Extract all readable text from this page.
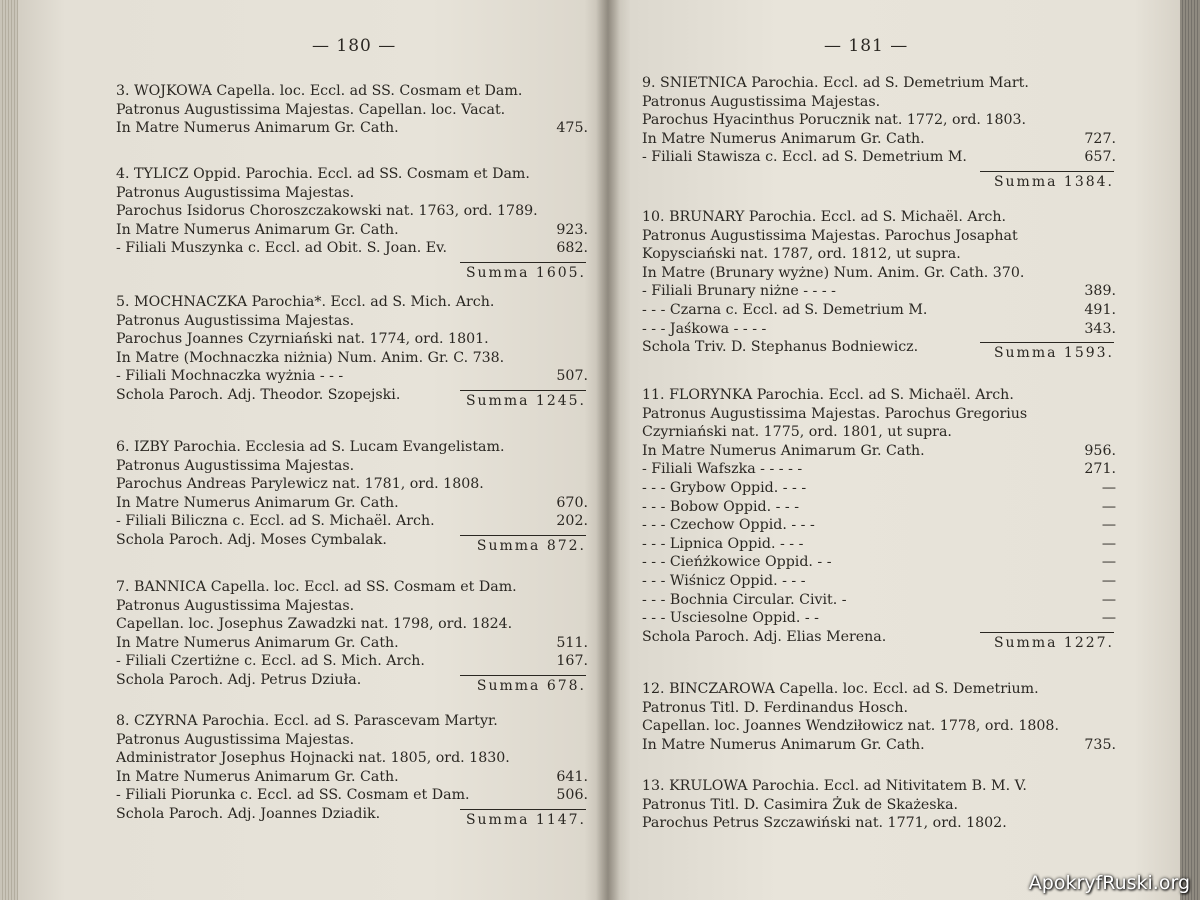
— 180 —	— 181 —
3. WOJKOWA Capella. loc. Eccl. ad SS. Cosmam et Dam.
Patronus Augustissima Majestas. Capellan. loc. Vacat.
In Matre Numerus Animarum Gr. Cath.	475.
4. TYLICZ Oppid. Parochia. Eccl. ad SS. Cosmam et Dam.
Patronus Augustissima Majestas.
Parochus Isidorus Choroszczakowski nat. 1763, ord. 1789.
In Matre Numerus Animarum Gr. Cath.	923.
- Filiali Muszynka c. Eccl. ad Obit. S. Joan. Ev.	682.
Summa 1605.
5. MOCHNACZKA Parochia*. Eccl. ad S. Mich. Arch.
Patronus Augustissima Majestas.
Parochus Joannes Czyrniański nat. 1774, ord. 1801.
In Matre (Mochnaczka niżnia) Num. Anim. Gr. C. 738.
- Filiali Mochnaczka wyżnia - - -	507.
Schola Paroch. Adj. Theodor. Szopejski.	Summa 1245.
6. IZBY Parochia. Ecclesia ad S. Lucam Evangelistam.
Patronus Augustissima Majestas.
Parochus Andreas Parylewicz nat. 1781, ord. 1808.
In Matre Numerus Animarum Gr. Cath.	670.
- Filiali Biliczna c. Eccl. ad S. Michaël. Arch.	202.
Schola Paroch. Adj. Moses Cymbalak.	Summa 872.
7. BANNICA Capella. loc. Eccl. ad SS. Cosmam et Dam.
Patronus Augustissima Majestas.
Capellan. loc. Josephus Zawadzki nat. 1798, ord. 1824.
In Matre Numerus Animarum Gr. Cath.	511.
- Filiali Czertiżne c. Eccl. ad S. Mich. Arch.	167.
Schola Paroch. Adj. Petrus Dziuła.	Summa 678.
8. CZYRNA Parochia. Eccl. ad S. Parascevam Martyr.
Patronus Augustissima Majestas.
Administrator Josephus Hojnacki nat. 1805, ord. 1830.
In Matre Numerus Animarum Gr. Cath.	641.
- Filiali Piorunka c. Eccl. ad SS. Cosmam et Dam.	506.
Schola Paroch. Adj. Joannes Dziadik.	Summa 1147.
9. SNIETNICA Parochia. Eccl. ad S. Demetrium Mart.
Patronus Augustissima Majestas.
Parochus Hyacinthus Porucznik nat. 1772, ord. 1803.
In Matre Numerus Animarum Gr. Cath.	727.
- Filiali Stawisza c. Eccl. ad S. Demetrium M.	657.
Summa 1384.
10. BRUNARY Parochia. Eccl. ad S. Michaël. Arch.
Patronus Augustissima Majestas. Parochus Josaphat
Kopysciański nat. 1787, ord. 1812, ut supra.
In Matre (Brunary wyżne) Num. Anim. Gr. Cath. 370.
- Filiali Brunary niżne - - - -	389.
- - - Czarna c. Eccl. ad S. Demetrium M.	491.
- - - Jaśkowa - - - -	343.
Schola Triv. D. Stephanus Bodniewicz.	Summa 1593.
11. FLORYNKA Parochia. Eccl. ad S. Michaël. Arch.
Patronus Augustissima Majestas. Parochus Gregorius
Czyrniański nat. 1775, ord. 1801, ut supra.
In Matre Numerus Animarum Gr. Cath.	956.
- Filiali Wafszka - - - - -	271.
- - - Grybow Oppid. - - -	—
- - - Bobow Oppid. - - -	—
- - - Czechow Oppid. - - -	—
- - - Lipnica Oppid. - - -	—
- - - Cieńżkowice Oppid. - -	—
- - - Wiśnicz Oppid. - - -	—
- - - Bochnia Circular. Civit. -	—
- - - Usciesolne Oppid. - -	—
Schola Paroch. Adj. Elias Merena.	Summa 1227.
12. BINCZAROWA Capella. loc. Eccl. ad S. Demetrium.
Patronus Titl. D. Ferdinandus Hosch.
Capellan. loc. Joannes Wendziłowicz nat. 1778, ord. 1808.
In Matre Numerus Animarum Gr. Cath.	735.
13. KRULOWA Parochia. Eccl. ad Nitivitatem B. M. V.
Patronus Titl. D. Casimira Żuk de Skażeska.
Parochus Petrus Szczawiński nat. 1771, ord. 1802.
ApokryfRuski.org
